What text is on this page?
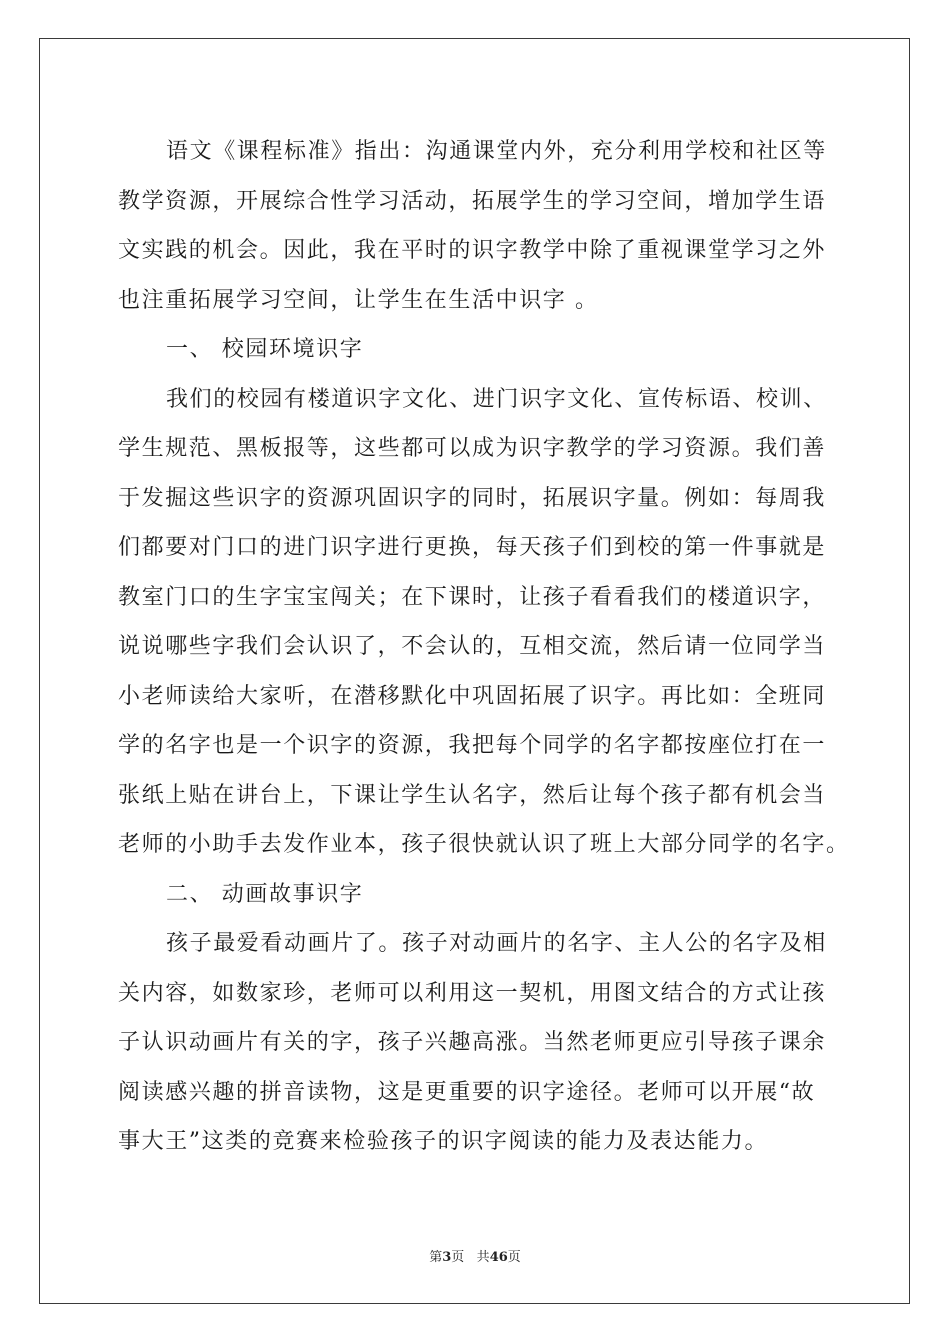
语文《课程标准》指出：沟通课堂内外，充分利用学校和社区等
教学资源，开展综合性学习活动，拓展学生的学习空间，增加学生语
文实践的机会。因此，我在平时的识字教学中除了重视课堂学习之外
也注重拓展学习空间，让学生在生活中识字 。
一、 校园环境识字
我们的校园有楼道识字文化、进门识字文化、宣传标语、校训、
学生规范、黑板报等，这些都可以成为识字教学的学习资源。我们善
于发掘这些识字的资源巩固识字的同时，拓展识字量。例如：每周我
们都要对门口的进门识字进行更换，每天孩子们到校的第一件事就是
教室门口的生字宝宝闯关；在下课时，让孩子看看我们的楼道识字，
说说哪些字我们会认识了，不会认的，互相交流，然后请一位同学当
小老师读给大家听，在潜移默化中巩固拓展了识字。再比如：全班同
学的名字也是一个识字的资源，我把每个同学的名字都按座位打在一
张纸上贴在讲台上，下课让学生认名字，然后让每个孩子都有机会当
老师的小助手去发作业本，孩子很快就认识了班上大部分同学的名字。
二、 动画故事识字
孩子最爱看动画片了。孩子对动画片的名字、主人公的名字及相
关内容，如数家珍，老师可以利用这一契机，用图文结合的方式让孩
子认识动画片有关的字，孩子兴趣高涨。当然老师更应引导孩子课余
阅读感兴趣的拼音读物，这是更重要的识字途径。老师可以开展“故
事大王”这类的竞赛来检验孩子的识字阅读的能力及表达能力。
第3页 共46页
